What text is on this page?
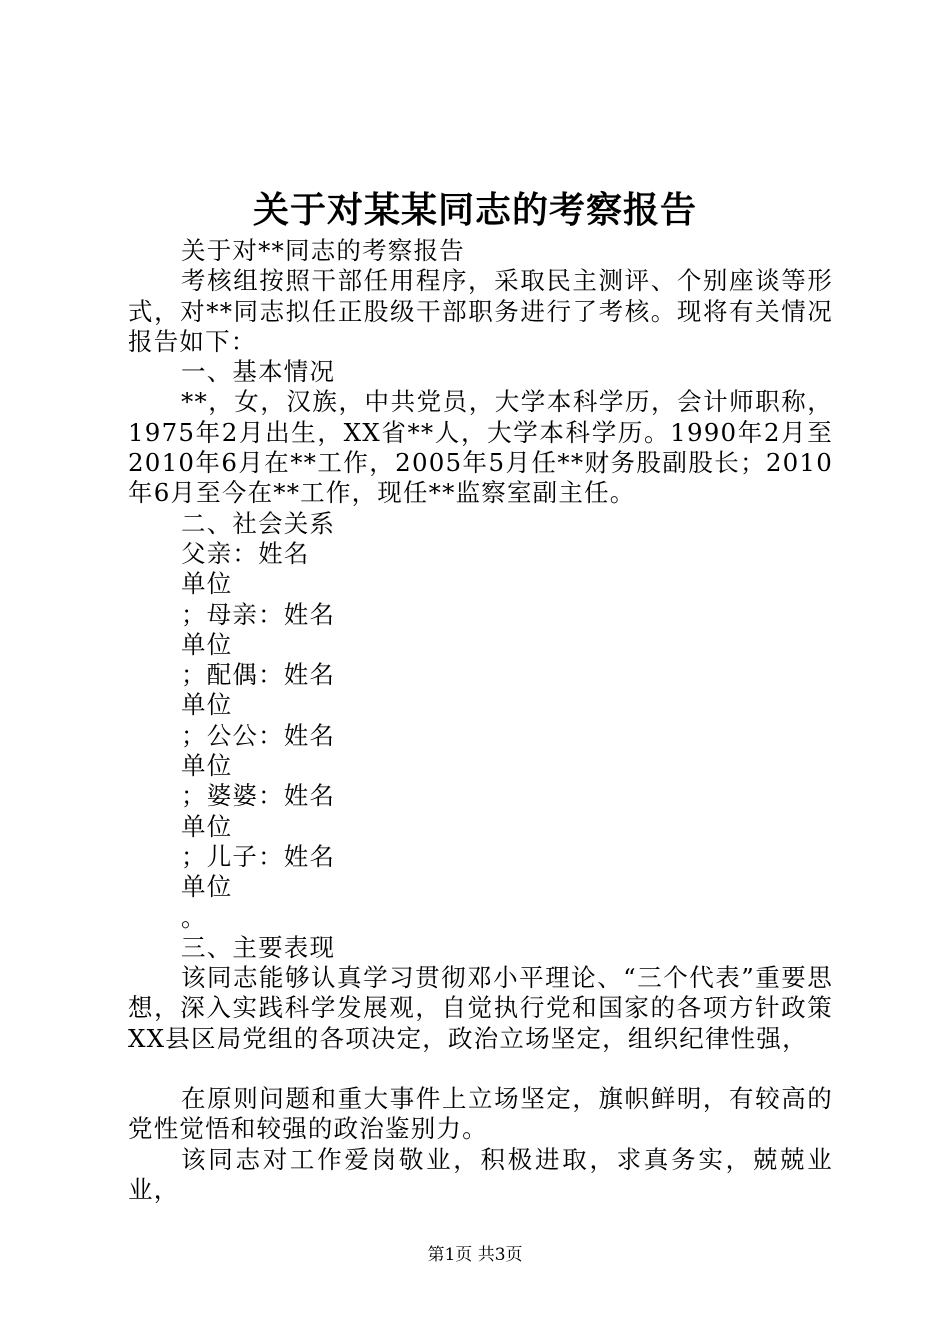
关于对某某同志的考察报告

关于对**同志的考察报告

考核组按照干部任用程序，采取民主测评、个别座谈等形式，对**同志拟任正股级干部职务进行了考核。现将有关情况报告如下：

一、基本情况

**，女，汉族，中共党员，大学本科学历，会计师职称，1975年2月出生，XX省**人，大学本科学历。1990年2月至2010年6月在**工作，2005年5月任**财务股副股长；2010年6月至今在**工作，现任**监察室副主任。

二、社会关系

父亲：姓名

单位

；母亲：姓名

单位

；配偶：姓名

单位

；公公：姓名

单位

；婆婆：姓名

单位

；儿子：姓名

单位

。

三、主要表现

该同志能够认真学习贯彻邓小平理论、“三个代表”重要思想，深入实践科学发展观，自觉执行党和国家的各项方针政策XX县区局党组的各项决定，政治立场坚定，组织纪律性强，

在原则问题和重大事件上立场坚定，旗帜鲜明，有较高的党性觉悟和较强的政治鉴别力。

该同志对工作爱岗敬业，积极进取，求真务实，兢兢业业，

第1页 共3页
